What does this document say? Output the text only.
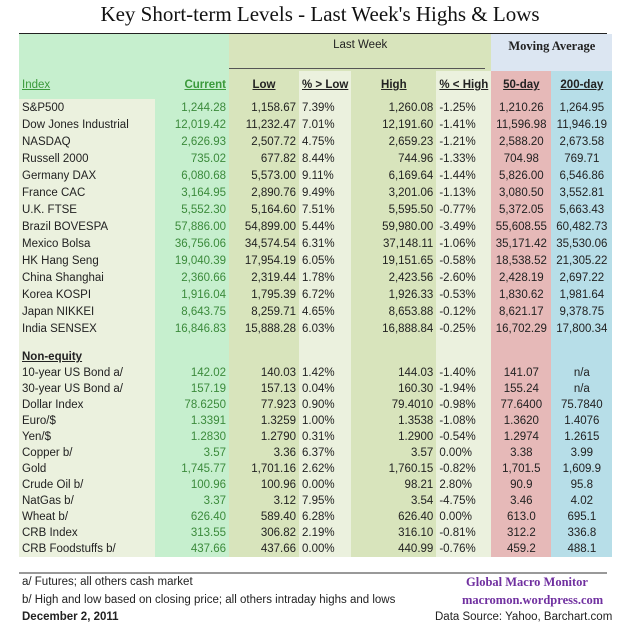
Key Short-term Levels - Last Week's Highs & Lows
		Last Week				Moving Average	
Index	Current	Low	% > Low	High	% < High	50-day	200-day
S&P500	1,244.28	1,158.67	7.39%	1,260.08	-1.25%	1,210.26	1,264.95
Dow Jones Industrial	12,019.42	11,232.47	7.01%	12,191.60	-1.41%	11,596.98	11,946.19
NASDAQ	2,626.93	2,507.72	4.75%	2,659.23	-1.21%	2,588.20	2,673.58
Russell 2000	735.02	677.82	8.44%	744.96	-1.33%	704.98	769.71
Germany DAX	6,080.68	5,573.00	9.11%	6,169.64	-1.44%	5,826.00	6,546.86
France CAC	3,164.95	2,890.76	9.49%	3,201.06	-1.13%	3,080.50	3,552.81
U.K. FTSE	5,552.30	5,164.60	7.51%	5,595.50	-0.77%	5,372.05	5,663.43
Brazil BOVESPA	57,886.00	54,899.00	5.44%	59,980.00	-3.49%	55,608.55	60,482.73
Mexico Bolsa	36,756.06	34,574.54	6.31%	37,148.11	-1.06%	35,171.42	35,530.06
HK Hang Seng	19,040.39	17,954.19	6.05%	19,151.65	-0.58%	18,538.52	21,305.22
China Shanghai	2,360.66	2,319.44	1.78%	2,423.56	-2.60%	2,428.19	2,697.22
Korea KOSPI	1,916.04	1,795.39	6.72%	1,926.33	-0.53%	1,830.62	1,981.64
Japan NIKKEI	8,643.75	8,259.71	4.65%	8,653.88	-0.12%	8,621.17	9,378.75
India SENSEX	16,846.83	15,888.28	6.03%	16,888.84	-0.25%	16,702.29	17,800.34

Non-equity							
10-year US Bond a/	142.02	140.03	1.42%	144.03	-1.40%	141.07	n/a
30-year US Bond a/	157.19	157.13	0.04%	160.30	-1.94%	155.24	n/a
Dollar Index	78.6250	77.923	0.90%	79.4010	-0.98%	77.6400	75.7840
Euro/$	1.3391	1.3259	1.00%	1.3538	-1.08%	1.3620	1.4076
Yen/$	1.2830	1.2790	0.31%	1.2900	-0.54%	1.2974	1.2615
Copper b/	3.57	3.36	6.37%	3.57	0.00%	3.38	3.99
Gold	1,745.77	1,701.16	2.62%	1,760.15	-0.82%	1,701.5	1,609.9
Crude Oil b/	100.96	100.96	0.00%	98.21	2.80%	90.9	95.8
NatGas b/	3.37	3.12	7.95%	3.54	-4.75%	3.46	4.02
Wheat b/	626.40	589.40	6.28%	626.40	0.00%	613.0	695.1
CRB Index	313.55	306.82	2.19%	316.10	-0.81%	312.2	336.8
CRB Foodstuffs b/	437.66	437.66	0.00%	440.99	-0.76%	459.2	488.1
a/ Futures; all others cash market
b/ High and low based on closing price; all others intraday highs and lows
December 2, 2011
Global Macro Monitor
macromon.wordpress.com
Data Source: Yahoo, Barchart.com
